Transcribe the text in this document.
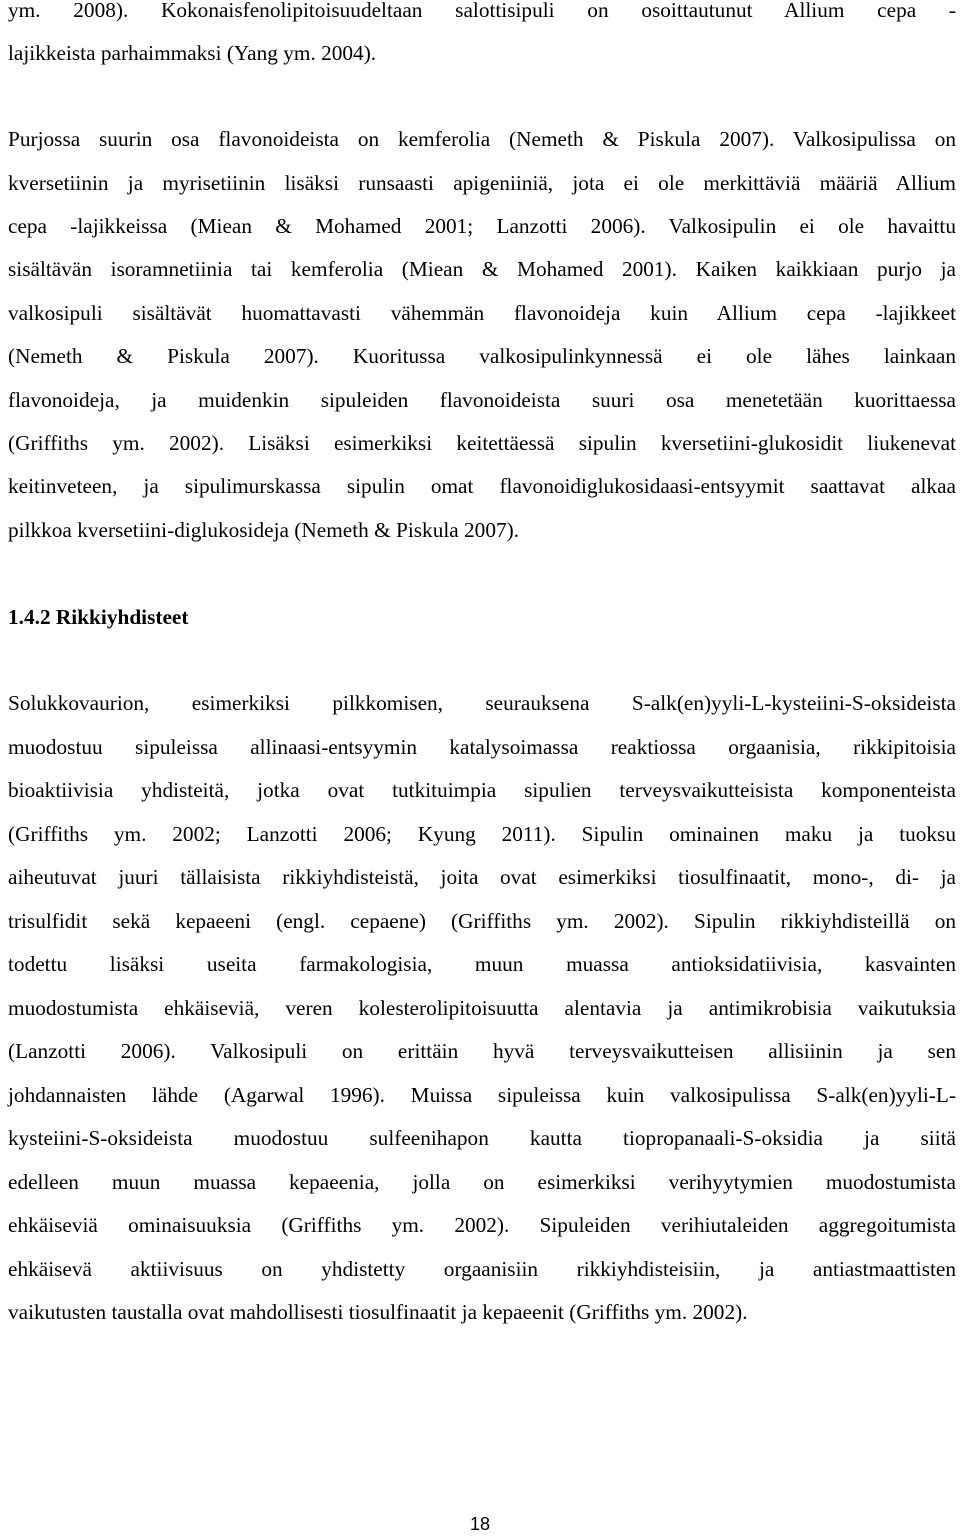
ym. 2008). Kokonaisfenolipitoisuudeltaan salottisipuli on osoittautunut Allium cepa -
lajikkeista parhaimmaksi (Yang ym. 2004).
Purjossa suurin osa flavonoideista on kemferolia (Nemeth & Piskula 2007). Valkosipulissa on
kversetiinin ja myrisetiinin lisäksi runsaasti apigeniiniä, jota ei ole merkittäviä määriä Allium
cepa -lajikkeissa (Miean & Mohamed 2001; Lanzotti 2006). Valkosipulin ei ole havaittu
sisältävän isoramnetiinia tai kemferolia (Miean & Mohamed 2001). Kaiken kaikkiaan purjo ja
valkosipuli sisältävät huomattavasti vähemmän flavonoideja kuin Allium cepa -lajikkeet
(Nemeth & Piskula 2007). Kuoritussa valkosipulinkynnessä ei ole lähes lainkaan
flavonoideja, ja muidenkin sipuleiden flavonoideista suuri osa menetetään kuorittaessa
(Griffiths ym. 2002). Lisäksi esimerkiksi keitettäessä sipulin kversetiini-glukosidit liukenevat
keitinveteen, ja sipulimurskassa sipulin omat flavonoidiglukosidaasi-entsyymit saattavat alkaa
pilkkoa kversetiini-diglukosideja (Nemeth & Piskula 2007).
1.4.2 Rikkiyhdisteet
Solukkovaurion, esimerkiksi pilkkomisen, seurauksena S-alk(en)yyli-L-kysteiini-S-oksideista
muodostuu sipuleissa allinaasi-entsyymin katalysoimassa reaktiossa orgaanisia, rikkipitoisia
bioaktiivisia yhdisteitä, jotka ovat tutkituimpia sipulien terveysvaikutteisista komponenteista
(Griffiths ym. 2002; Lanzotti 2006; Kyung 2011). Sipulin ominainen maku ja tuoksu
aiheutuvat juuri tällaisista rikkiyhdisteistä, joita ovat esimerkiksi tiosulfinaatit, mono-, di- ja
trisulfidit sekä kepaeeni (engl. cepaene) (Griffiths ym. 2002). Sipulin rikkiyhdisteillä on
todettu lisäksi useita farmakologisia, muun muassa antioksidatiivisia, kasvainten
muodostumista ehkäiseviä, veren kolesterolipitoisuutta alentavia ja antimikrobisia vaikutuksia
(Lanzotti 2006). Valkosipuli on erittäin hyvä terveysvaikutteisen allisiinin ja sen
johdannaisten lähde (Agarwal 1996). Muissa sipuleissa kuin valkosipulissa S-alk(en)yyli-L-
kysteiini-S-oksideista muodostuu sulfeenihapon kautta tiopropanaali-S-oksidia ja siitä
edelleen muun muassa kepaeenia, jolla on esimerkiksi verihyytymien muodostumista
ehkäiseviä ominaisuuksia (Griffiths ym. 2002). Sipuleiden verihiutaleiden aggregoitumista
ehkäisevä aktiivisuus on yhdistetty orgaanisiin rikkiyhdisteisiin, ja antiastmaattisten
vaikutusten taustalla ovat mahdollisesti tiosulfinaatit ja kepaeenit (Griffiths ym. 2002).
18
